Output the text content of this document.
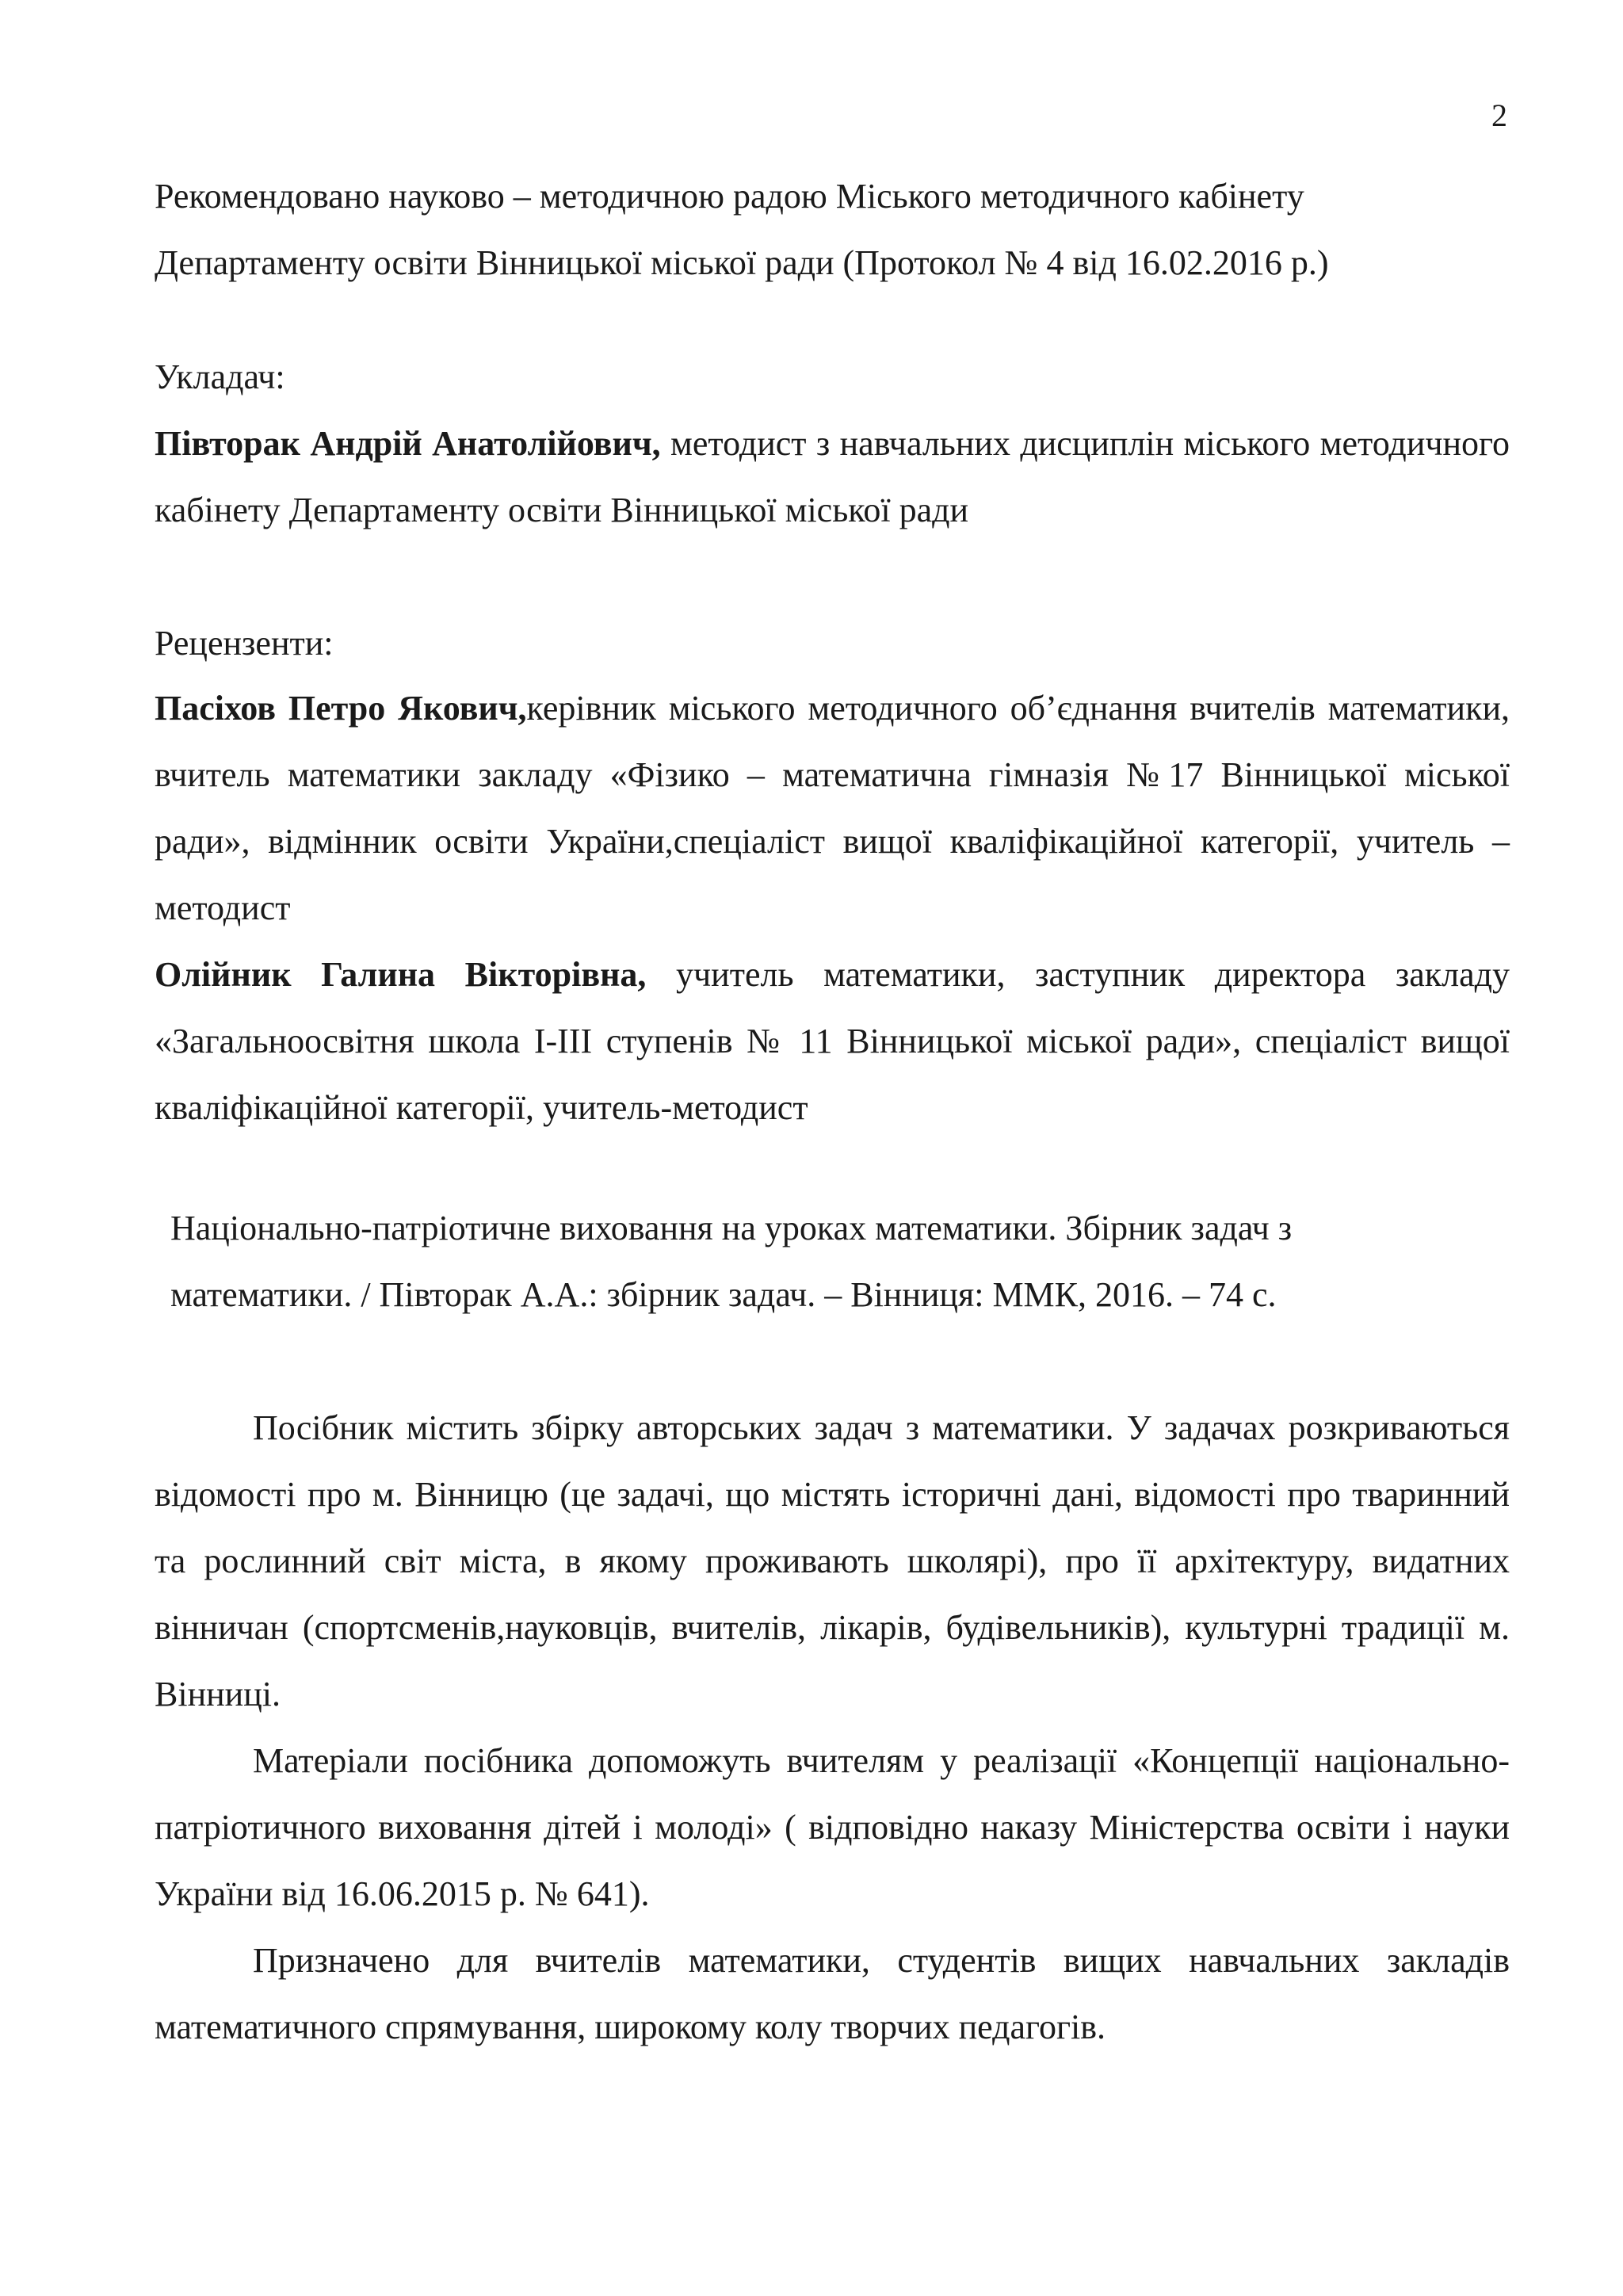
2
Рекомендовано науково – методичною радою Міського методичного кабінету
Департаменту освіти Вінницької міської ради (Протокол № 4 від 16.02.2016 р.)
Укладач:

Півторак Андрій Анатолійович, методист з навчальних дисциплін міського методичного кабінету Департаменту освіти Вінницької міської ради

Рецензенти:

Пасіхов Петро Якович,керівник міського методичного об’єднання вчителів математики, вчитель математики закладу «Фізико – математична гімназія №17 Вінницької міської ради», відмінник освіти України,спеціаліст вищої кваліфікаційної категорії, учитель – методист

Олійник Галина Вікторівна, учитель математики, заступник директора закладу «Загальноосвітня школа І-ІІІ ступенів № 11 Вінницької міської ради», спеціаліст вищої кваліфікаційної категорії, учитель-методист

Національно-патріотичне виховання на уроках математики. Збірник задач з
математики. / Півторак А.А.: збірник задач. – Вінниця: ММК, 2016. – 74 с.

Посібник містить збірку авторських задач з математики. У задачах розкриваються відомості про м. Вінницю (це задачі, що містять історичні дані, відомості про тваринний та рослинний світ міста, в якому проживають школярі), про її архітектуру, видатних вінничан (спортсменів,науковців, вчителів, лікарів, будівельників), культурні традиції м. Вінниці.

Матеріали посібника допоможуть вчителям у реалізації «Концепції національно-патріотичного виховання дітей і молоді» ( відповідно наказу Міністерства освіти і науки України від 16.06.2015 р. № 641).

Призначено для вчителів математики, студентів вищих навчальних закладів математичного спрямування, широкому колу творчих педагогів.
